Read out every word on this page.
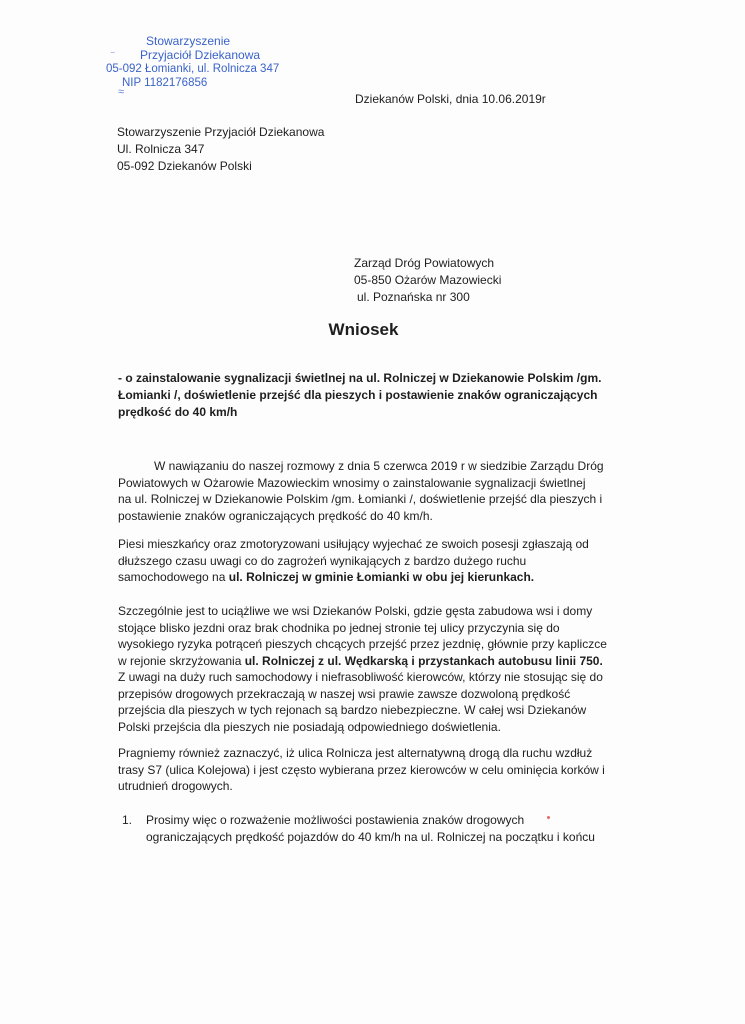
Stowarzyszenie
Przyjaciół Dziekanowa
05-092 Łomianki, ul. Rolnicza 347
NIP 1182176856
⁻
≈	Dziekanów Polski, dnia 10.06.2019r
Stowarzyszenie Przyjaciół Dziekanowa
Ul. Rolnicza 347
05-092 Dziekanów Polski
Zarząd Dróg Powiatowych
05-850 Ożarów Mazowiecki
ul. Poznańska nr 300
Wniosek
- o zainstalowanie sygnalizacji świetlnej na ul. Rolniczej w Dziekanowie Polskim /gm.
Łomianki /, doświetlenie przejść dla pieszych i postawienie znaków ograniczających
prędkość do 40 km/h
W nawiązaniu do naszej rozmowy z dnia 5 czerwca 2019 r w siedzibie Zarządu Dróg
Powiatowych w Ożarowie Mazowieckim wnosimy o zainstalowanie sygnalizacji świetlnej
na ul. Rolniczej w Dziekanowie Polskim /gm. Łomianki /, doświetlenie przejść dla pieszych i
postawienie znaków ograniczających prędkość do 40 km/h.
Piesi mieszkańcy oraz zmotoryzowani usiłujący wyjechać ze swoich posesji zgłaszają od
dłuższego czasu uwagi co do zagrożeń wynikających z bardzo dużego ruchu
samochodowego na ul. Rolniczej w gminie Łomianki w obu jej kierunkach.
Szczególnie jest to uciążliwe we wsi Dziekanów Polski, gdzie gęsta zabudowa wsi i domy
stojące blisko jezdni oraz brak chodnika po jednej stronie tej ulicy przyczynia się do
wysokiego ryzyka potrąceń pieszych chcących przejść przez jezdnię, głównie przy kapliczce
w rejonie skrzyżowania ul. Rolniczej z ul. Wędkarską i przystankach autobusu linii 750.
Z uwagi na duży ruch samochodowy i niefrasobliwość kierowców, którzy nie stosując się do
przepisów drogowych przekraczają w naszej wsi prawie zawsze dozwoloną prędkość
przejścia dla pieszych w tych rejonach są bardzo niebezpieczne. W całej wsi Dziekanów
Polski przejścia dla pieszych nie posiadają odpowiedniego doświetlenia.
Pragniemy również zaznaczyć, iż ulica Rolnicza jest alternatywną drogą dla ruchu wzdłuż
trasy S7 (ulica Kolejowa) i jest często wybierana przez kierowców w celu ominięcia korków i
utrudnień drogowych.
1. Prosimy więc o rozważenie możliwości postawienia znaków drogowych
ograniczających prędkość pojazdów do 40 km/h na ul. Rolniczej na początku i końcu
